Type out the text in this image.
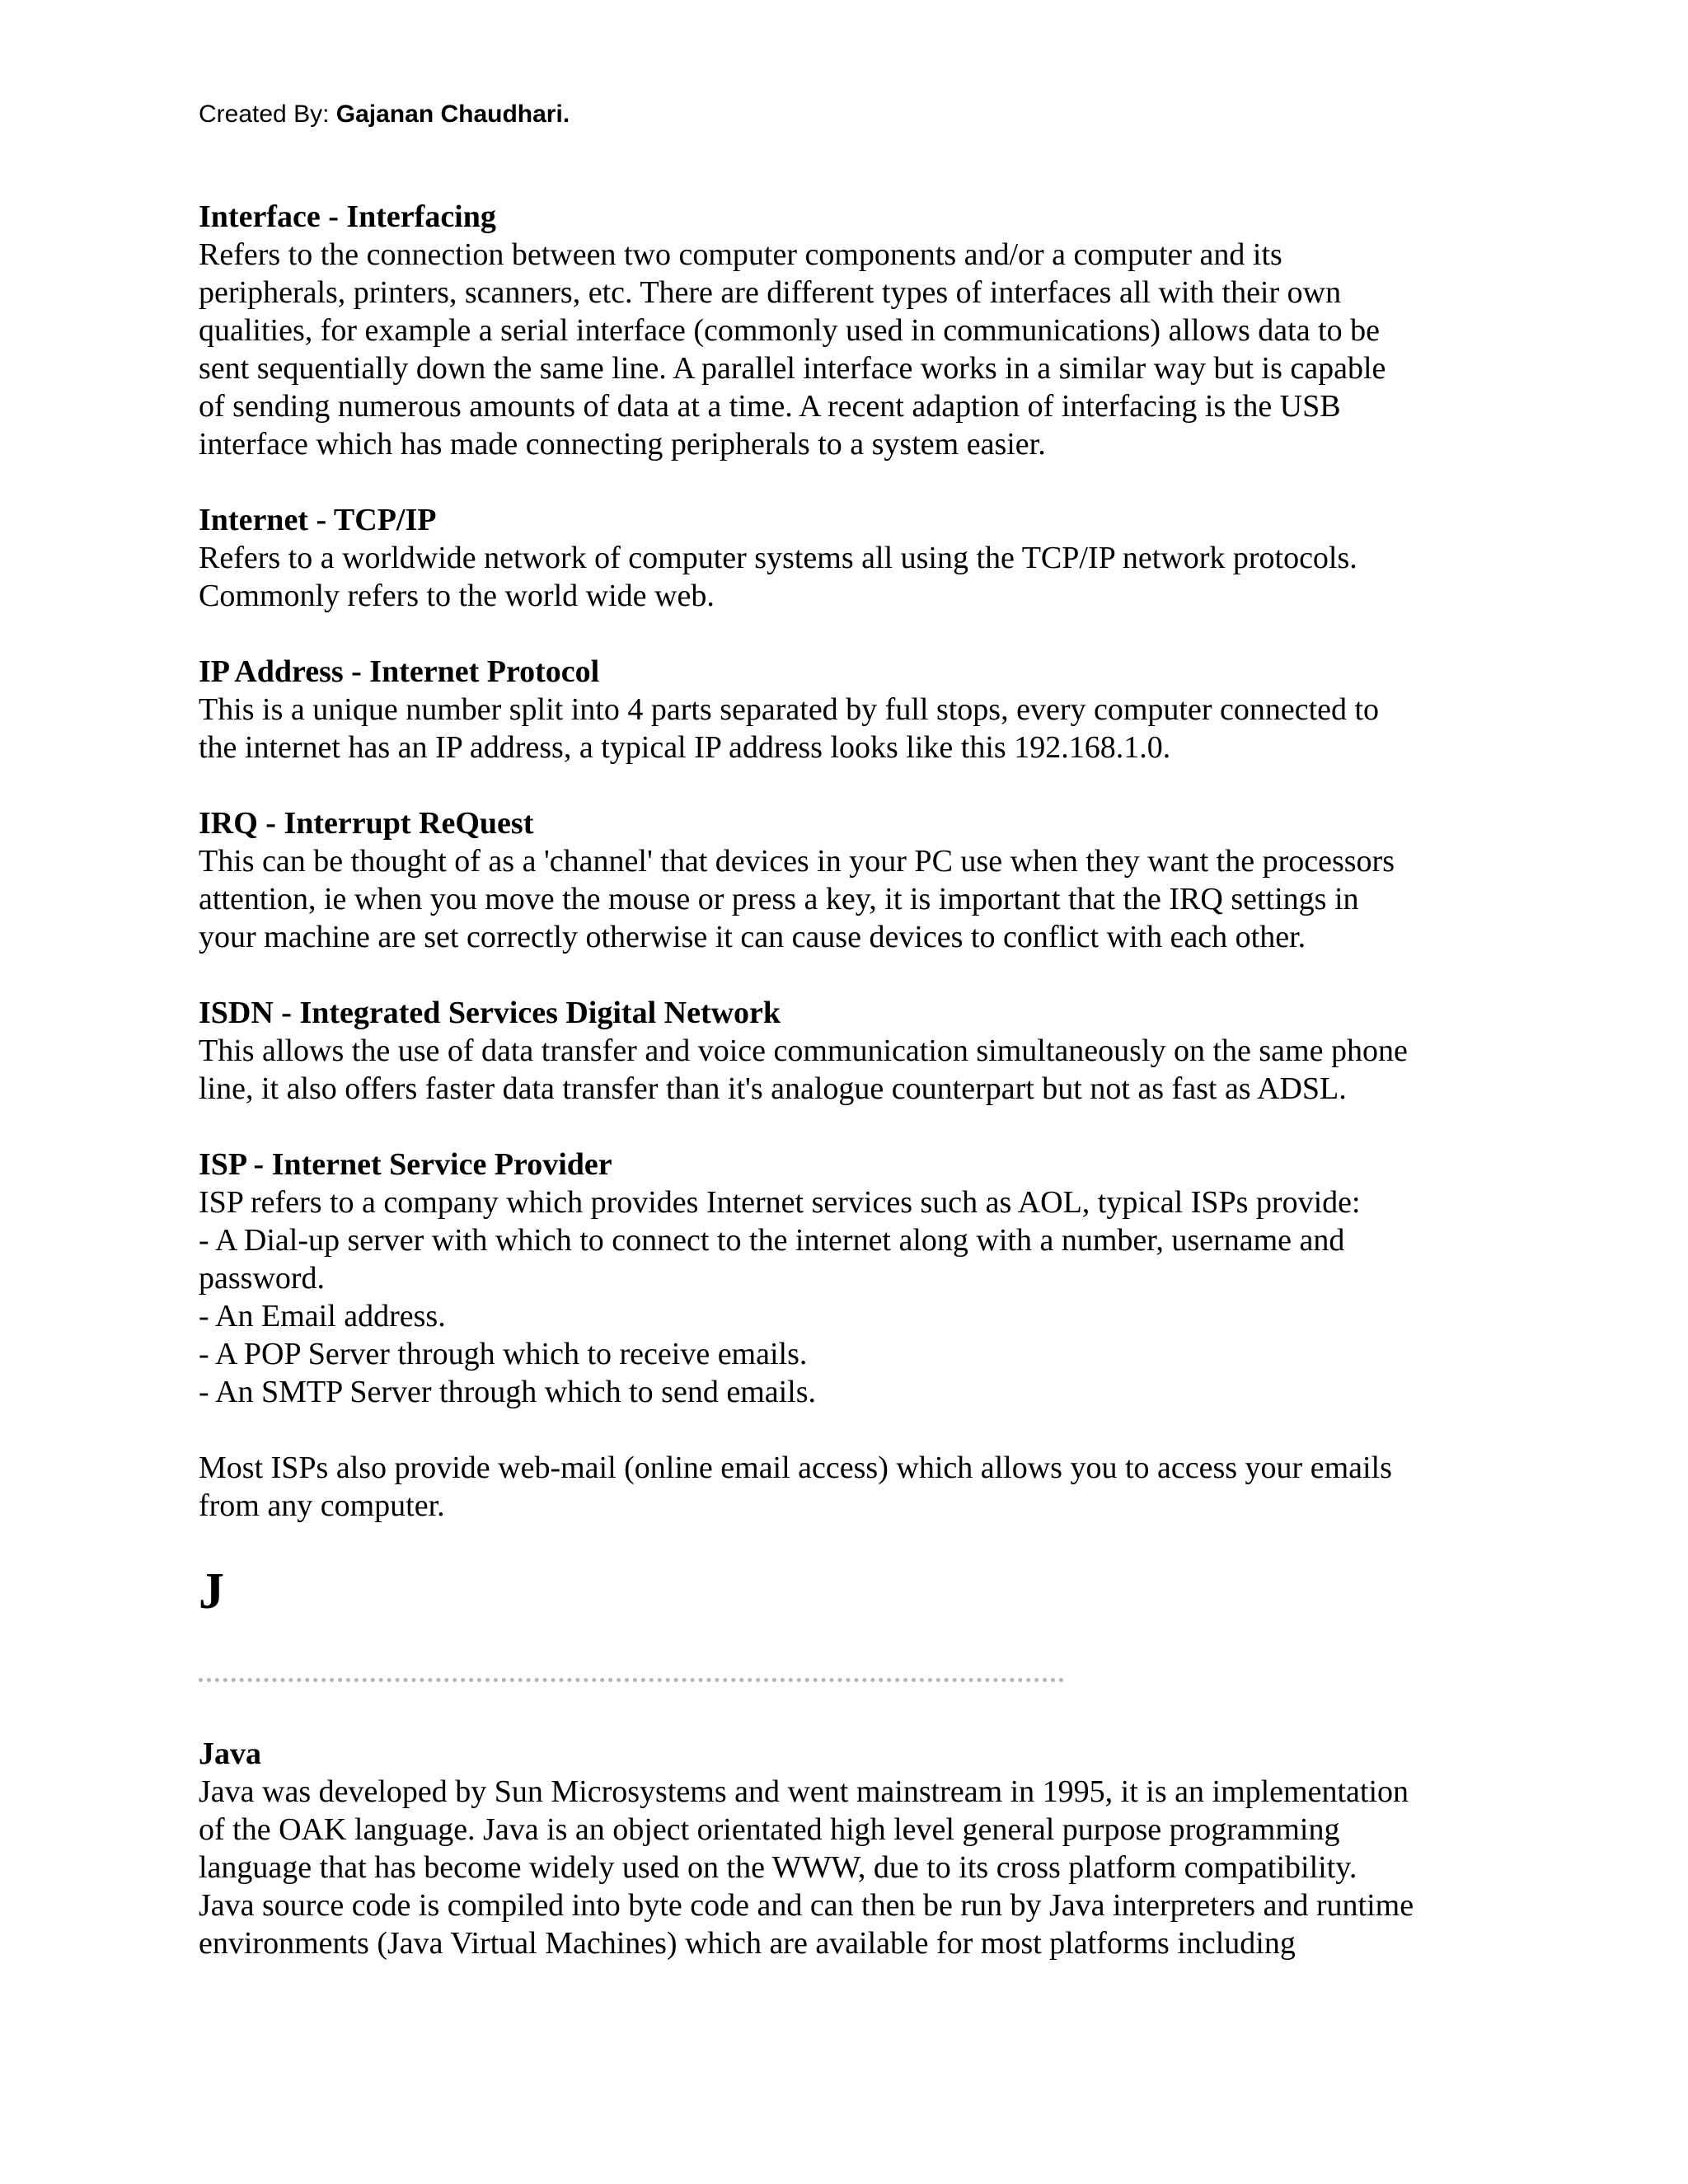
Created By: Gajanan Chaudhari.
Interface - Interfacing
Refers to the connection between two computer components and/or a computer and its
peripherals, printers, scanners, etc. There are different types of interfaces all with their own
qualities, for example a serial interface (commonly used in communications) allows data to be
sent sequentially down the same line. A parallel interface works in a similar way but is capable
of sending numerous amounts of data at a time. A recent adaption of interfacing is the USB
interface which has made connecting peripherals to a system easier.
Internet - TCP/IP
Refers to a worldwide network of computer systems all using the TCP/IP network protocols.
Commonly refers to the world wide web.
IP Address - Internet Protocol
This is a unique number split into 4 parts separated by full stops, every computer connected to
the internet has an IP address, a typical IP address looks like this 192.168.1.0.
IRQ - Interrupt ReQuest
This can be thought of as a 'channel' that devices in your PC use when they want the processors
attention, ie when you move the mouse or press a key, it is important that the IRQ settings in
your machine are set correctly otherwise it can cause devices to conflict with each other.
ISDN - Integrated Services Digital Network
This allows the use of data transfer and voice communication simultaneously on the same phone
line, it also offers faster data transfer than it's analogue counterpart but not as fast as ADSL.
ISP - Internet Service Provider
ISP refers to a company which provides Internet services such as AOL, typical ISPs provide:
- A Dial-up server with which to connect to the internet along with a number, username and
password.
- An Email address.
- A POP Server through which to receive emails.
- An SMTP Server through which to send emails.
Most ISPs also provide web-mail (online email access) which allows you to access your emails
from any computer.
J
Java
Java was developed by Sun Microsystems and went mainstream in 1995, it is an implementation
of the OAK language. Java is an object orientated high level general purpose programming
language that has become widely used on the WWW, due to its cross platform compatibility.
Java source code is compiled into byte code and can then be run by Java interpreters and runtime
environments (Java Virtual Machines) which are available for most platforms including
